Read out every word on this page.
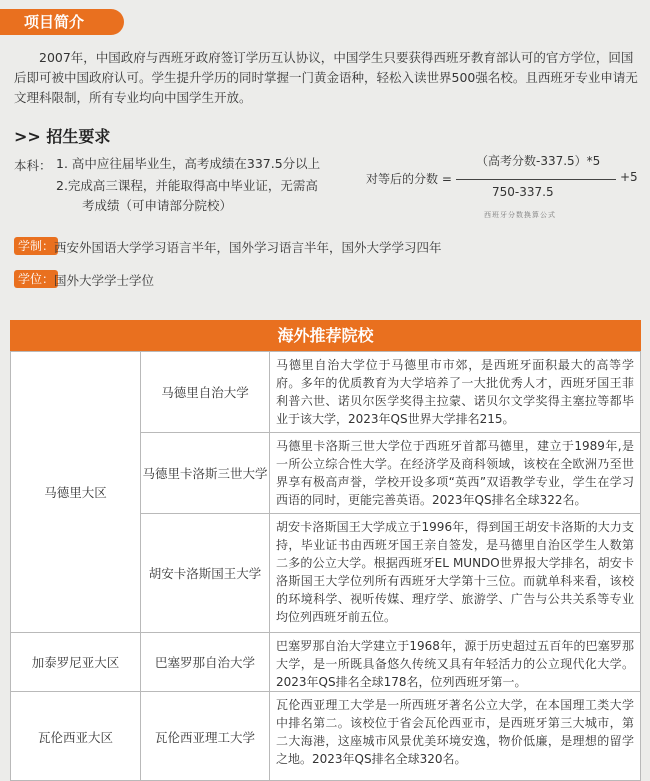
项目简介

2007年，中国政府与西班牙政府签订学历互认协议，中国学生只要获得西班牙教育部认可的官方学位，回国后即可被中国政府认可。学生提升学历的同时掌握一门黄金语种，轻松入读世界500强名校。且西班牙专业申请无文理科限制，所有专业均向中国学生开放。

>> 招生要求
本科： 1. 高中应往届毕业生，高考成绩在337.5分以上
2.完成高三课程，并能取得高中毕业证，无需高
考成绩（可申请部分院校）
对等后的分数 =
（高考分数-337.5）*5
750-337.5
+5
西班牙分数换算公式
学制： 西安外国语大学学习语言半年，国外学习语言半年，国外大学学习四年
学位： 国外大学学士学位
海外推荐院校
马德里大区
加泰罗尼亚大区
瓦伦西亚大区
马德里自治大学
马德里卡洛斯三世大学
胡安卡洛斯国王大学
巴塞罗那自治大学
瓦伦西亚理工大学
马德里自治大学位于马德里市市郊，是西班牙面积最大的高等学府。多年的优质教育为大学培养了一大批优秀人才，西班牙国王菲利普六世、诺贝尔医学奖得主拉蒙、诺贝尔文学奖得主塞拉等都毕业于该大学，2023年QS世界大学排名215。
马德里卡洛斯三世大学位于西班牙首都马德里，建立于1989年,是一所公立综合性大学。在经济学及商科领域，该校在全欧洲乃至世界享有极高声誉，学校开设多项“英西”双语教学专业，学生在学习西语的同时，更能完善英语。2023年QS排名全球322名。
胡安卡洛斯国王大学成立于1996年，得到国王胡安卡洛斯的大力支持，毕业证书由西班牙国王亲自签发，是马德里自治区学生人数第二多的公立大学。根据西班牙EL MUNDO世界报大学排名，胡安卡洛斯国王大学位列所有西班牙大学第十三位。而就单科来看，该校的环境科学、视听传媒、理疗学、旅游学、广告与公共关系等专业均位列西班牙前五位。
巴塞罗那自治大学建立于1968年，源于历史超过五百年的巴塞罗那大学，是一所既具备悠久传统又具有年轻活力的公立现代化大学。2023年QS排名全球178名，位列西班牙第一。
瓦伦西亚理工大学是一所西班牙著名公立大学，在本国理工类大学中排名第二。该校位于省会瓦伦西亚市，是西班牙第三大城市，第二大海港，这座城市风景优美环境安逸，物价低廉，是理想的留学之地。2023年QS排名全球320名。
